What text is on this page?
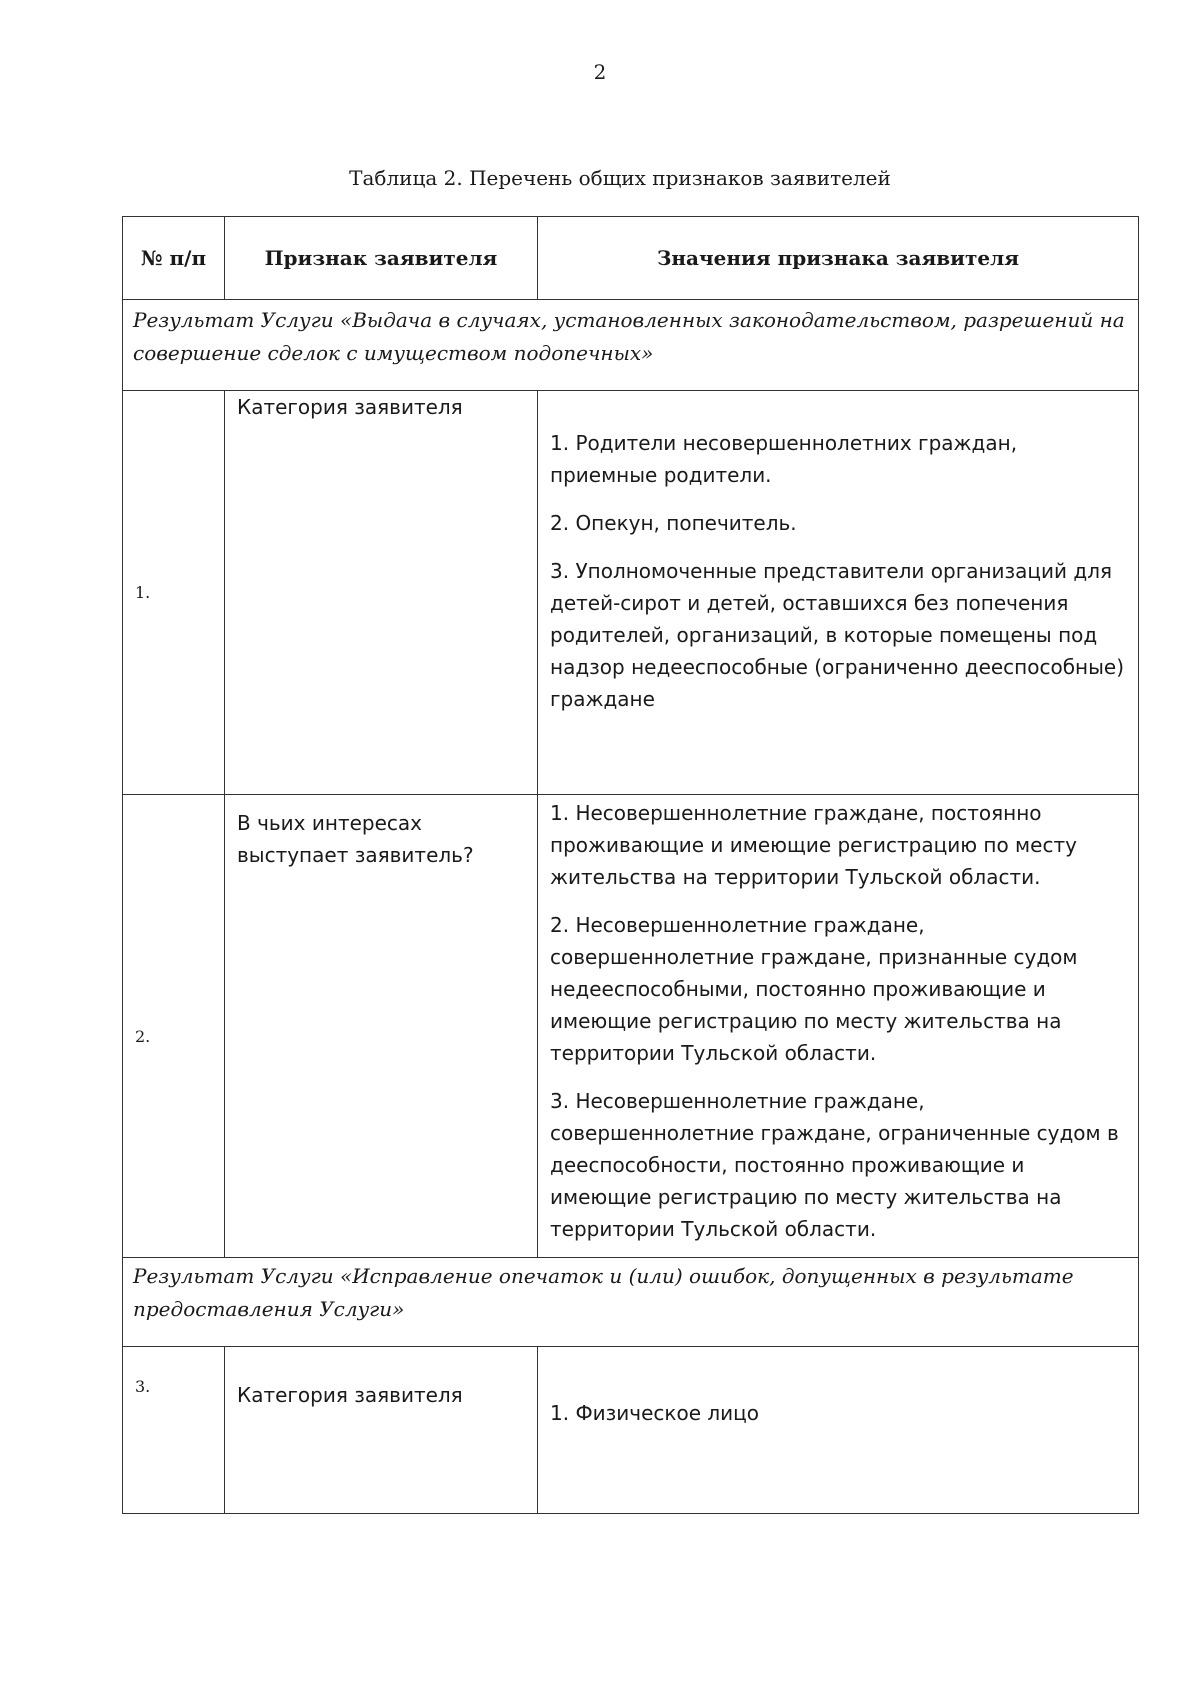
2
Таблица 2. Перечень общих признаков заявителей
№ п/п	Признак заявителя	Значения признака заявителя
Результат Услуги «Выдача в случаях, установленных законодательством, разрешений на совершение сделок с имуществом подопечных»		
1.	Категория заявителя	1. Родители несовершеннолетних граждан, приемные родители.

2. Опекун, попечитель.

3. Уполномоченные представители организаций для детей-сирот и детей, оставшихся без попечения родителей, организаций, в которые помещены под надзор недееспособные (ограниченно дееспособные) граждане

2.	В чьих интересах выступает заявитель?	1. Несовершеннолетние граждане, постоянно проживающие и имеющие регистрацию по месту жительства на территории Тульской области.

2. Несовершеннолетние граждане, совершеннолетние граждане, признанные судом недееспособными, постоянно проживающие и имеющие регистрацию по месту жительства на территории Тульской области.

3. Несовершеннолетние граждане, совершеннолетние граждане, ограниченные судом в дееспособности, постоянно проживающие и имеющие регистрацию по месту жительства на территории Тульской области.

Результат Услуги «Исправление опечаток и (или) ошибок, допущенных в результате предоставления Услуги»		
3.	Категория заявителя	1. Физическое лицо
